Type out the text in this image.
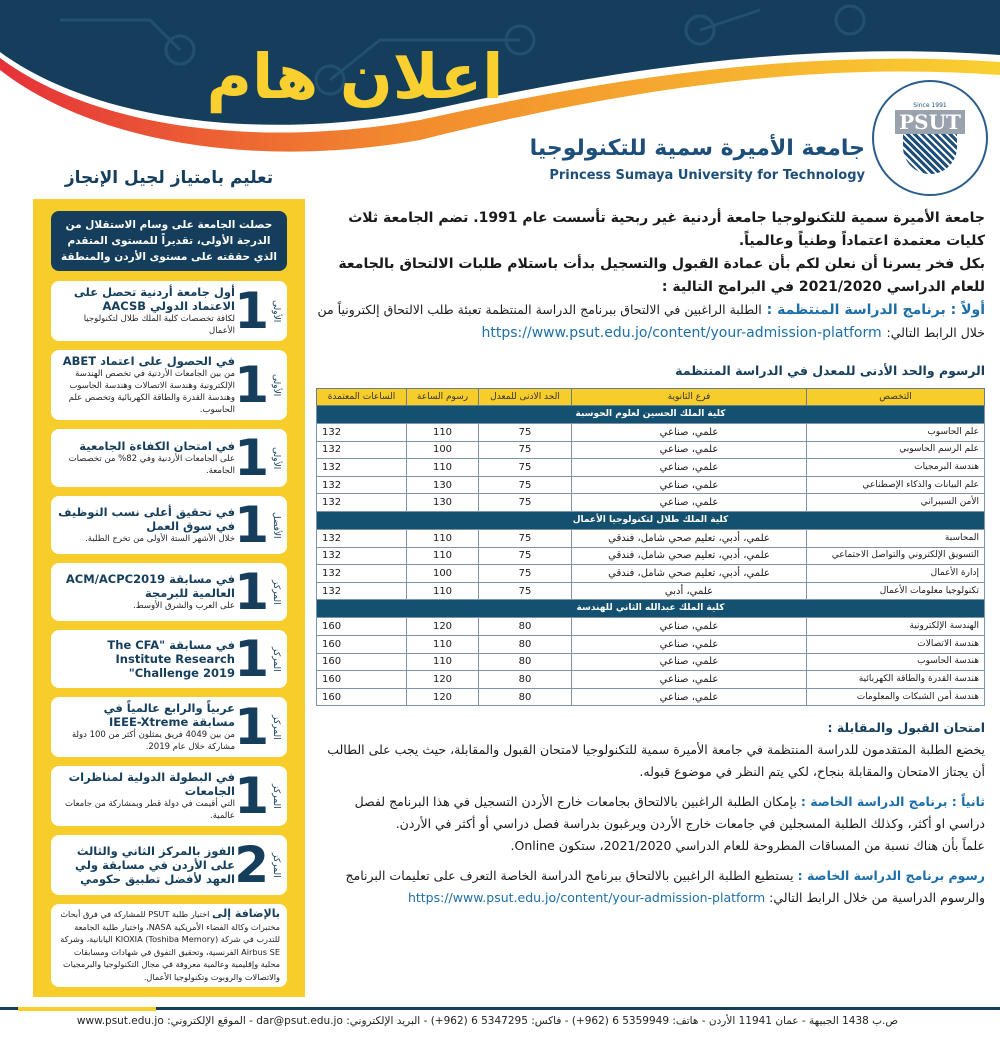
اعلان هام	Since 1991
PSUT
جامعة الأميرة سمية للتكنولوجيا
Princess Sumaya University for Technology
تعليم بامتياز لجيل الإنجاز
حصلت الجامعة على وسام الاستقلال من الدرجة الأولى، تقديراً للمستوى المتقدم الذي حققته على مستوى الأردن والمنطقة
الأولى
1
أول جامعة أردنية تحصل على الاعتماد الدولي AACSB
لكافة تخصصات كلية الملك طلال لتكنولوجيا الأعمال
الأولى
1
في الحصول على اعتماد ABET
من بين الجامعات الأردنية في تخصص الهندسة الإلكترونية وهندسة الاتصالات وهندسة الحاسوب وهندسة القدرة والطاقة الكهربائية وتخصص علم الحاسوب.
الأولى
1
في امتحان الكفاءة الجامعية
على الجامعات الأردنية وفي 82% من تخصصات الجامعة.
الأفضل
1
في تحقيق أعلى نسب التوظيف في سوق العمل
خلال الأشهر الستة الأولى من تخرج الطلبة.
المركز
1
في مسابقة ACM/ACPC2019 العالمية للبرمجة
على العرب والشرق الأوسط.
المركز
1
في مسابقة "The CFA Institute Research Challenge 2019"
المركز
1
عربياً والرابع عالمياً في مسابقة IEEE-Xtreme
من بين 4049 فريق يمثلون أكثر من 100 دولة مشاركة خلال عام 2019.
المركز
1
في البطولة الدولية لمناظرات الجامعات
التي أقيمت في دولة قطر وبمشاركة من جامعات عالمية.
المركز
2
الفوز بالمركز الثاني والثالث على الأردن في مسابقة ولي العهد لأفضل تطبيق حكومي
بالإضافة إلى اختيار طلبة PSUT للمشاركة في فرق أبحاث مختبرات وكالة الفضاء الأمريكية NASA، واختيار طلبة الجامعة للتدرب في شركة KIOXIA (Toshiba Memory) اليابانية، وشركة Airbus SE الفرنسية، وتحقيق التفوق في شهادات ومسابقات محلية وإقليمية وعالمية معروفة في مجال التكنولوجيا والبرمجيات والاتصالات والروبوت وتكنولوجيا الأعمال.

جامعة الأميرة سمية للتكنولوجيا جامعة أردنية غير ربحية تأسست عام 1991. تضم الجامعة ثلاث كليات معتمدة اعتماداً وطنياً وعالمياً.

بكل فخر يسرنا أن نعلن لكم بأن عمادة القبول والتسجيل بدأت باستلام طلبات الالتحاق بالجامعة للعام الدراسي 2021/2020 في البرامج التالية :

أولاً : برنامج الدراسة المنتظمة : الطلبة الراغبين في الالتحاق ببرنامج الدراسة المنتظمة تعبئة طلب الالتحاق إلكترونياً من خلال الرابط التالي: https://www.psut.edu.jo/content/your-admission-platform

الرسوم والحد الأدنى للمعدل في الدراسة المنتظمة
التخصص	فرع الثانوية	الحد الادنى للمعدل	رسوم الساعة	الساعات المعتمدة
كلية الملك الحسين لعلوم الحوسبة				
علم الحاسوب	علمي، صناعي	75	110	132
علم الرسم الحاسوبي	علمي، صناعي	75	100	132
هندسة البرمجيات	علمي، صناعي	75	110	132
علم البيانات والذكاء الإصطناعي	علمي، صناعي	75	130	132
الأمن السيبراني	علمي، صناعي	75	130	132
كلية الملك طلال لتكنولوجيا الأعمال				
المحاسبة	علمي، أدبي، تعليم صحي شامل، فندقي	75	110	132
التسويق الإلكتروني والتواصل الاجتماعي	علمي، أدبي، تعليم صحي شامل، فندقي	75	110	132
إدارة الأعمال	علمي، أدبي، تعليم صحي شامل، فندقي	75	100	132
تكنولوجيا معلومات الأعمال	علمي، أدبي	75	110	132
كلية الملك عبدالله الثاني للهندسة				
الهندسة الإلكترونية	علمي، صناعي	80	120	160
هندسة الاتصالات	علمي، صناعي	80	110	160
هندسة الحاسوب	علمي، صناعي	80	110	160
هندسة القدرة والطاقة الكهربائية	علمي، صناعي	80	120	160
هندسة أمن الشبكات والمعلومات	علمي، صناعي	80	120	160
امتحان القبول والمقابلة :

يخضع الطلبة المتقدمون للدراسة المنتظمة في جامعة الأميرة سمية للتكنولوجيا لامتحان القبول والمقابلة، حيث يجب على الطالب أن يجتاز الامتحان والمقابلة بنجاح، لكي يتم النظر في موضوع قبوله.

ثانياً : برنامج الدراسة الخاصة : بإمكان الطلبة الراغبين بالالتحاق بجامعات خارج الأردن التسجيل في هذا البرنامج لفصل دراسي او أكثر، وكذلك الطلبة المسجلين في جامعات خارج الأردن ويرغبون بدراسة فصل دراسي أو أكثر في الأردن.

علماً بأن هناك نسبة من المساقات المطروحة للعام الدراسي 2021/2020، ستكون Online.

رسوم برنامج الدراسة الخاصة : يستطيع الطلبة الراغبين بالالتحاق ببرنامج الدراسة الخاصة التعرف على تعليمات البرنامج والرسوم الدراسية من خلال الرابط التالي: https://www.psut.edu.jo/content/your-admission-platform

ص.ب 1438 الجبيهة - عمان 11941 الأردن - هاتف: 5359949 6 (962+) - فاكس: 5347295 6 (962+) - البريد الإلكتروني: dar@psut.edu.jo - الموقع الإلكتروني: www.psut.edu.jo
